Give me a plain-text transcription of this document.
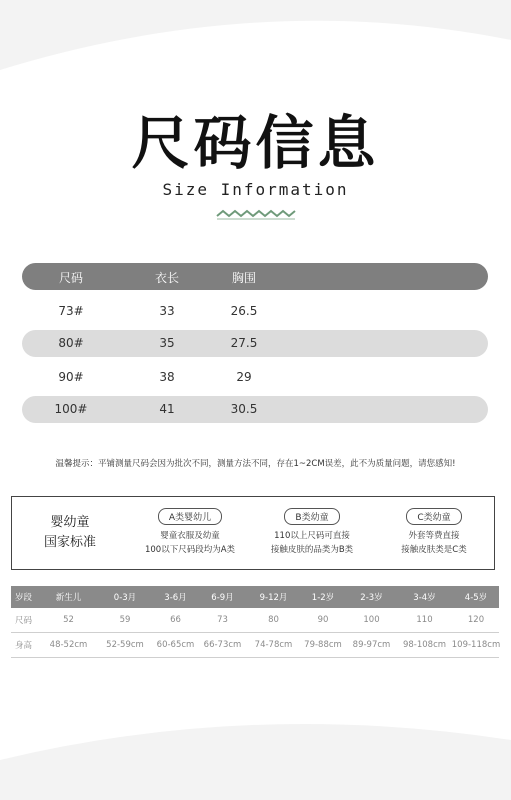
尺码信息
Size Information
尺码	衣长	胸围
73#	33	26.5
80#	35	27.5
90#	38	29
100#	41	30.5
温馨提示：平铺测量尺码会因为批次不同，测量方法不同，存在1~2CM误差，此不为质量问题，请您感知!
婴幼童
国家标准
A类婴幼儿
婴童衣服及幼童
100以下尺码段均为A类
B类幼童
110以上尺码可直接
接触皮肤的品类为B类
C类幼童
外套等费直接
接触皮肤类是C类
岁段	新生儿	0-3月	3-6月	6-9月	9-12月	1-2岁	2-3岁	3-4岁	4-5岁
尺码	52	59	66	73	80	90	100	110	120
身高	48-52cm	52-59cm	60-65cm	66-73cm	74-78cm	79-88cm	89-97cm	98-108cm 109-118cm
